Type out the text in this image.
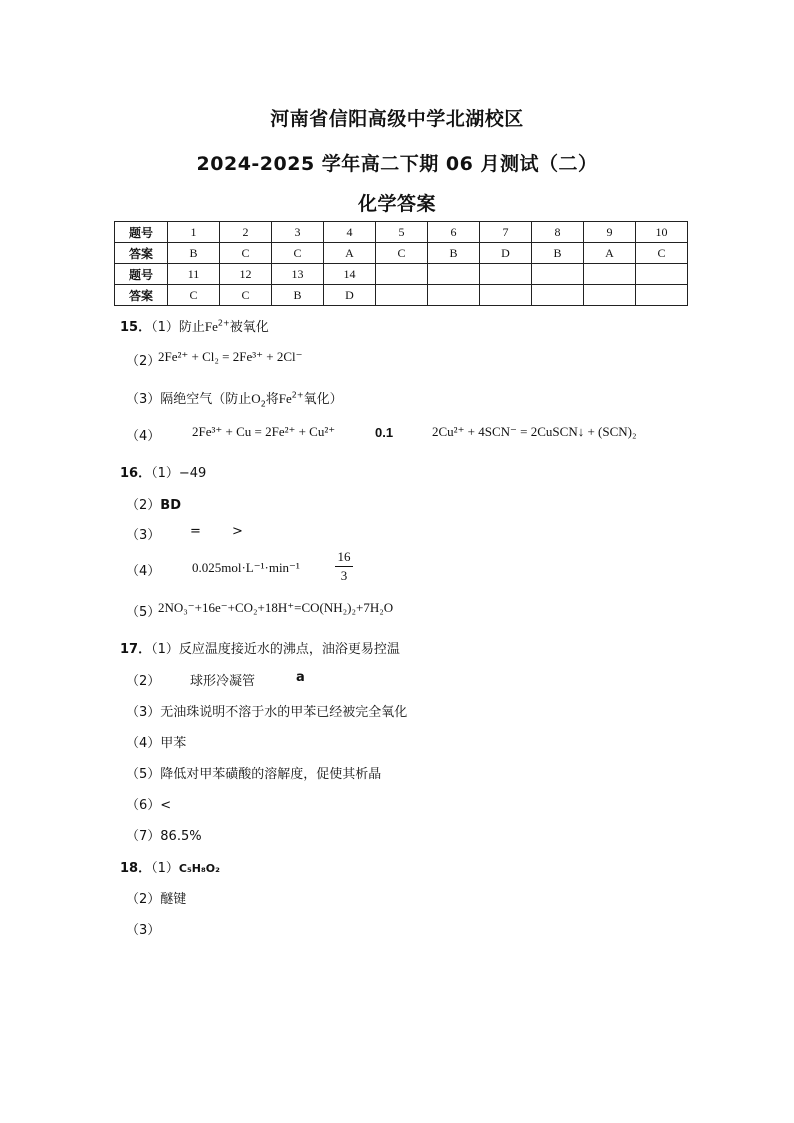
河南省信阳高级中学北湖校区
2024-2025 学年高二下期 06 月测试（二）
化学答案
题号	1	2	3	4	5	6	7	8	9	10
答案	B	C	C	A	C	B	D	B	A	C
题号	11	12	13	14						
答案	C	C	B	D						
15．（1）防止$Fe^{2+}$被氧化
（2）
2Fe²⁺ + Cl₂ = 2Fe³⁺ + 2Cl⁻
（3）隔绝空气（防止$O_2$将$Fe^{2+}$氧化）
（4） 2Fe³⁺ + Cu = 2Fe²⁺ + Cu²⁺	0.1	2Cu²⁺ + 4SCN⁻ = 2CuSCN↓ + (SCN)₂
16．（1）−49
（2）BD
（3） = >
（4） 0.025mol·L⁻¹·min⁻¹
16
3
（5）
2NO₃⁻+16e⁻+CO₂+18H⁺=CO(NH₂)₂+7H₂O
17．（1）反应温度接近水的沸点，油浴更易控温
（2） 球形冷凝管	a
（3）无油珠说明不溶于水的甲苯已经被完全氧化
（4）甲苯
（5）降低对甲苯磺酸的溶解度，促使其析晶
（6）<
（7）86.5%
18．（1）C₅H₈O₂
（2）醚键
（3）
